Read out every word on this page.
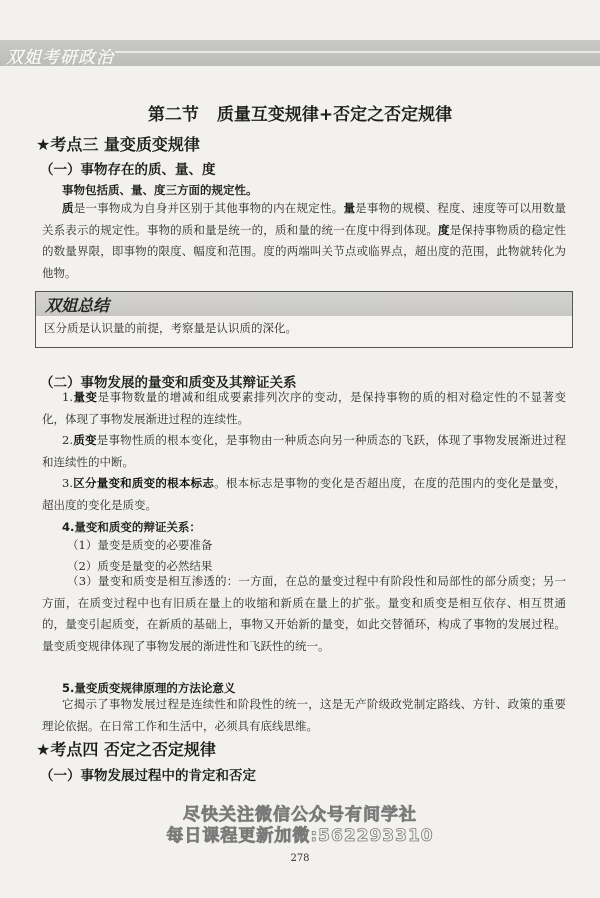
双姐考研政治
第二节 质量互变规律+否定之否定规律
★考点三 量变质变规律
（一）事物存在的质、量、度
事物包括质、量、度三方面的规定性。
质是一事物成为自身并区别于其他事物的内在规定性。量是事物的规模、程度、速度等可以用数量关系表示的规定性。事物的质和量是统一的，质和量的统一在度中得到体现。度是保持事物质的稳定性的数量界限，即事物的限度、幅度和范围。度的两端叫关节点或临界点，超出度的范围，此物就转化为他物。
双姐总结
区分质是认识量的前提，考察量是认识质的深化。
（二）事物发展的量变和质变及其辩证关系
1.量变是事物数量的增减和组成要素排列次序的变动，是保持事物的质的相对稳定性的不显著变化，体现了事物发展渐进过程的连续性。
2.质变是事物性质的根本变化，是事物由一种质态向另一种质态的飞跃，体现了事物发展渐进过程和连续性的中断。
3.区分量变和质变的根本标志。根本标志是事物的变化是否超出度，在度的范围内的变化是量变，超出度的变化是质变。
4.量变和质变的辩证关系：
（1）量变是质变的必要准备
（2）质变是量变的必然结果
（3）量变和质变是相互渗透的：一方面，在总的量变过程中有阶段性和局部性的部分质变；另一方面，在质变过程中也有旧质在量上的收缩和新质在量上的扩张。量变和质变是相互依存、相互贯通的，量变引起质变，在新质的基础上，事物又开始新的量变，如此交替循环，构成了事物的发展过程。量变质变规律体现了事物发展的渐进性和飞跃性的统一。
5.量变质变规律原理的方法论意义
它揭示了事物发展过程是连续性和阶段性的统一，这是无产阶级政党制定路线、方针、政策的重要理论依据。在日常工作和生活中，必须具有底线思维。
★考点四 否定之否定规律
（一）事物发展过程中的肯定和否定
尽快关注微信公众号有间学社
每日课程更新加微:562293310
278
